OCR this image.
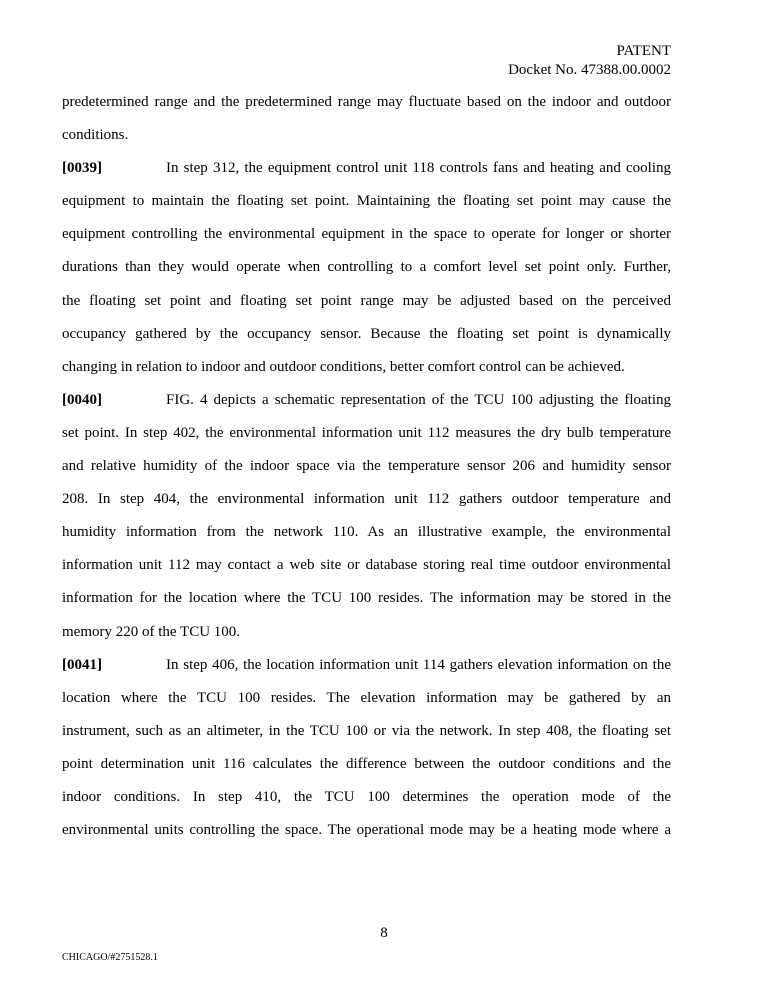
PATENT
Docket No. 47388.00.0002
predetermined range and the predetermined range may fluctuate based on the indoor and outdoor
conditions.
[0039]	In step 312, the equipment control unit 118 controls fans and heating and cooling
equipment to maintain the floating set point. Maintaining the floating set point may cause the
equipment controlling the environmental equipment in the space to operate for longer or shorter
durations than they would operate when controlling to a comfort level set point only. Further,
the floating set point and floating set point range may be adjusted based on the perceived
occupancy gathered by the occupancy sensor. Because the floating set point is dynamically
changing in relation to indoor and outdoor conditions, better comfort control can be achieved.
[0040]	FIG. 4 depicts a schematic representation of the TCU 100 adjusting the floating
set point. In step 402, the environmental information unit 112 measures the dry bulb temperature
and relative humidity of the indoor space via the temperature sensor 206 and humidity sensor
208. In step 404, the environmental information unit 112 gathers outdoor temperature and
humidity information from the network 110. As an illustrative example, the environmental
information unit 112 may contact a web site or database storing real time outdoor environmental
information for the location where the TCU 100 resides. The information may be stored in the
memory 220 of the TCU 100.
[0041]	In step 406, the location information unit 114 gathers elevation information on the
location where the TCU 100 resides. The elevation information may be gathered by an
instrument, such as an altimeter, in the TCU 100 or via the network. In step 408, the floating set
point determination unit 116 calculates the difference between the outdoor conditions and the
indoor conditions. In step 410, the TCU 100 determines the operation mode of the
environmental units controlling the space. The operational mode may be a heating mode where a
8
CHICAGO/#2751528.1
